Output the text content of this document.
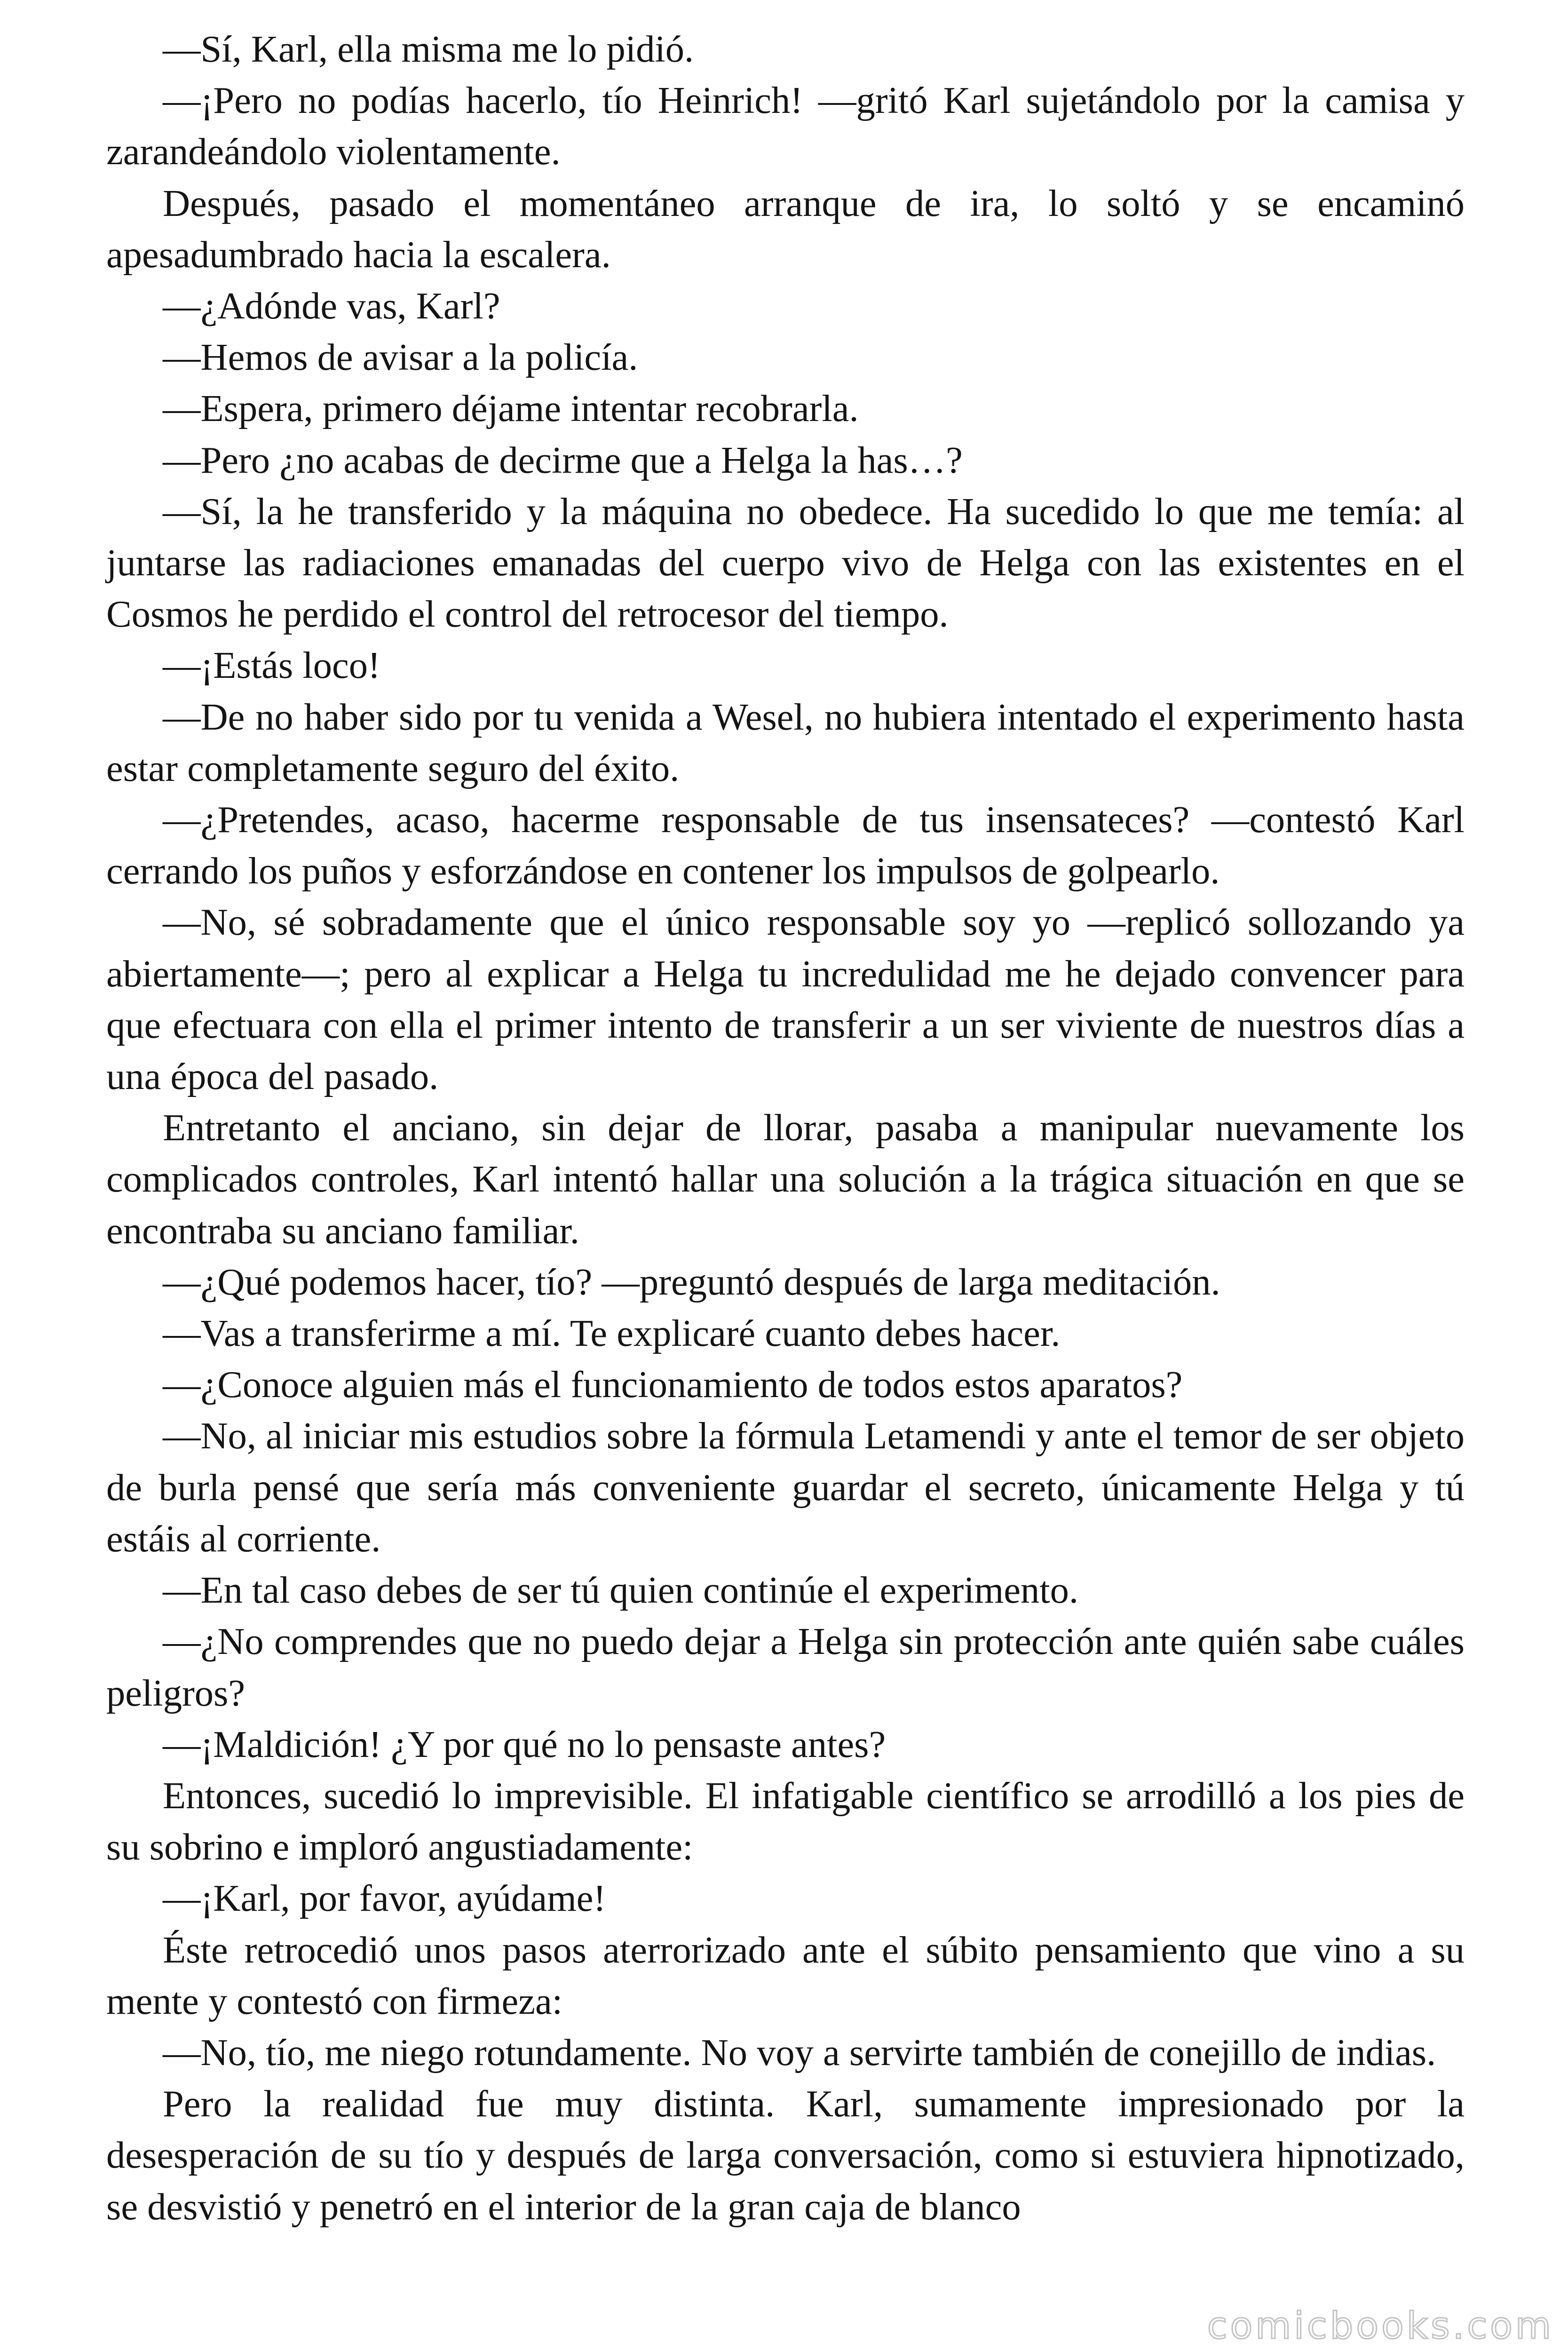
—Sí, Karl, ella misma me lo pidió.

—¡Pero no podías hacerlo, tío Heinrich! —gritó Karl sujetándolo por la camisa y zarandeándolo violentamente.

Después, pasado el momentáneo arranque de ira, lo soltó y se encaminó apesadumbrado hacia la escalera.

—¿Adónde vas, Karl?

—Hemos de avisar a la policía.

—Espera, primero déjame intentar recobrarla.

—Pero ¿no acabas de decirme que a Helga la has…?

—Sí, la he transferido y la máquina no obedece. Ha sucedido lo que me temía: al juntarse las radiaciones emanadas del cuerpo vivo de Helga con las existentes en el Cosmos he perdido el control del retrocesor del tiempo.

—¡Estás loco!

—De no haber sido por tu venida a Wesel, no hubiera intentado el experimento hasta estar completamente seguro del éxito.

—¿Pretendes, acaso, hacerme responsable de tus insensateces? —contestó Karl cerrando los puños y esforzándose en contener los impulsos de golpearlo.

—No, sé sobradamente que el único responsable soy yo —replicó sollozando ya abiertamente—; pero al explicar a Helga tu incredulidad me he dejado convencer para que efectuara con ella el primer intento de transferir a un ser viviente de nuestros días a una época del pasado.

Entretanto el anciano, sin dejar de llorar, pasaba a manipular nuevamente los complicados controles, Karl intentó hallar una solución a la trágica situación en que se encontraba su anciano familiar.

—¿Qué podemos hacer, tío? —preguntó después de larga meditación.

—Vas a transferirme a mí. Te explicaré cuanto debes hacer.

—¿Conoce alguien más el funcionamiento de todos estos aparatos?

—No, al iniciar mis estudios sobre la fórmula Letamendi y ante el temor de ser objeto de burla pensé que sería más conveniente guardar el secreto, únicamente Helga y tú estáis al corriente.

—En tal caso debes de ser tú quien continúe el experimento.

—¿No comprendes que no puedo dejar a Helga sin protección ante quién sabe cuáles peligros?

—¡Maldición! ¿Y por qué no lo pensaste antes?

Entonces, sucedió lo imprevisible. El infatigable científico se arrodilló a los pies de su sobrino e imploró angustiadamente:

—¡Karl, por favor, ayúdame!

Éste retrocedió unos pasos aterrorizado ante el súbito pensamiento que vino a su mente y contestó con firmeza:

—No, tío, me niego rotundamente. No voy a servirte también de conejillo de indias.

Pero la realidad fue muy distinta. Karl, sumamente impresionado por la desesperación de su tío y después de larga conversación, como si estuviera hipnotizado, se desvistió y penetró en el interior de la gran caja de blanco

comicbooks.com
